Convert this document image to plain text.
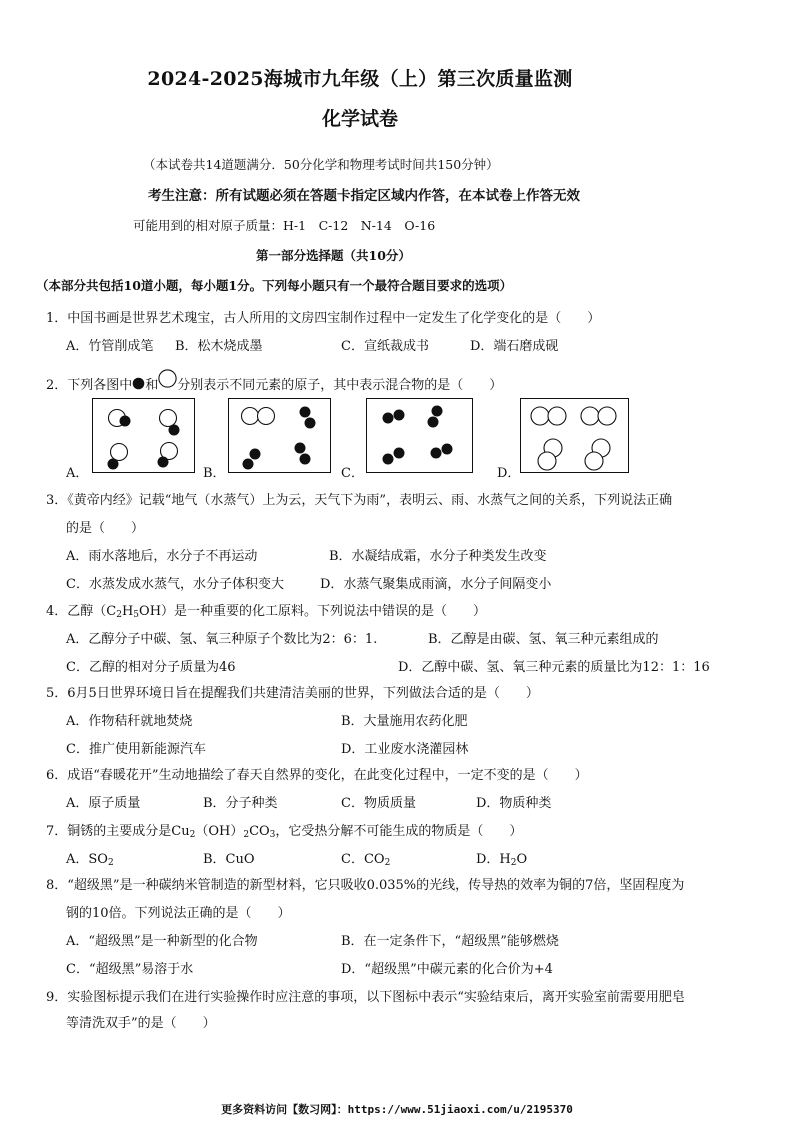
2024-2025海城市九年级（上）第三次质量监测
化学试卷
（本试卷共14道题满分．50分化学和物理考试时间共150分钟）
考生注意：所有试题必须在答题卡指定区域内作答，在本试卷上作答无效
可能用到的相对原子质量：H-1　C-12　N-14　O-16
第一部分选择题（共10分）
（本部分共包括10道小题，每小题1分。下列每小题只有一个最符合题目要求的选项）
1．中国书画是世界艺术瑰宝，古人所用的文房四宝制作过程中一定发生了化学变化的是（　　）
A．竹管削成笔 B．松木烧成墨	C．宣纸裁成书	D．端石磨成砚
2．下列各图中 和 分别表示不同元素的原子，其中表示混合物的是（　　）
A．	B．	C．	D．
3．《黄帝内经》记载“地气（水蒸气）上为云，天气下为雨”，表明云、雨、水蒸气之间的关系，下列说法正确
的是（　　）
A．雨水落地后，水分子不再运动	B．水凝结成霜，水分子种类发生改变
C．水蒸发成水蒸气，水分子体积变大	D．水蒸气聚集成雨滴，水分子间隔变小
4．乙醇$(C_2H_5OH)$是一种重要的化工原料。下列说法中错误的是（　　）
A．乙醇分子中碳、氢、氧三种原子个数比为2：6：1.	B．乙醇是由碳、氢、氧三种元素组成的
C．乙醇的相对分子质量为46	D．乙醇中碳、氢、氧三种元素的质量比为12：1：16
5．6月5日世界环境日旨在提醒我们共建清洁美丽的世界，下列做法合适的是（　　）
A．作物秸秆就地焚烧	B．大量施用农药化肥
C．推广使用新能源汽车	D．工业废水浇灌园林
6．成语“春暖花开”生动地描绘了春天自然界的变化，在此变化过程中，一定不变的是（　　）
A．原子质量	B．分子种类	C．物质质量	D．物质种类
7．铜锈的主要成分是$Cu_2(OH)_2CO_3$，它受热分解不可能生成的物质是（　　）
A．$SO_2$	B．CuO	C．$CO_2$	D．$H_2O$
8．“超级黑”是一种碳纳米管制造的新型材料，它只吸收0.035%的光线，传导热的效率为铜的7倍，坚固程度为
钢的10倍。下列说法正确的是（　　）
A．“超级黑”是一种新型的化合物	B．在一定条件下，“超级黑”能够燃烧
C．“超级黑”易溶于水	D．“超级黑”中碳元素的化合价为+4
9．实验图标提示我们在进行实验操作时应注意的事项，以下图标中表示“实验结束后，离开实验室前需要用肥皂
等清洗双手”的是（　　）
更多资料访问【数习网】：https://www.51jiaoxi.com/u/2195370
